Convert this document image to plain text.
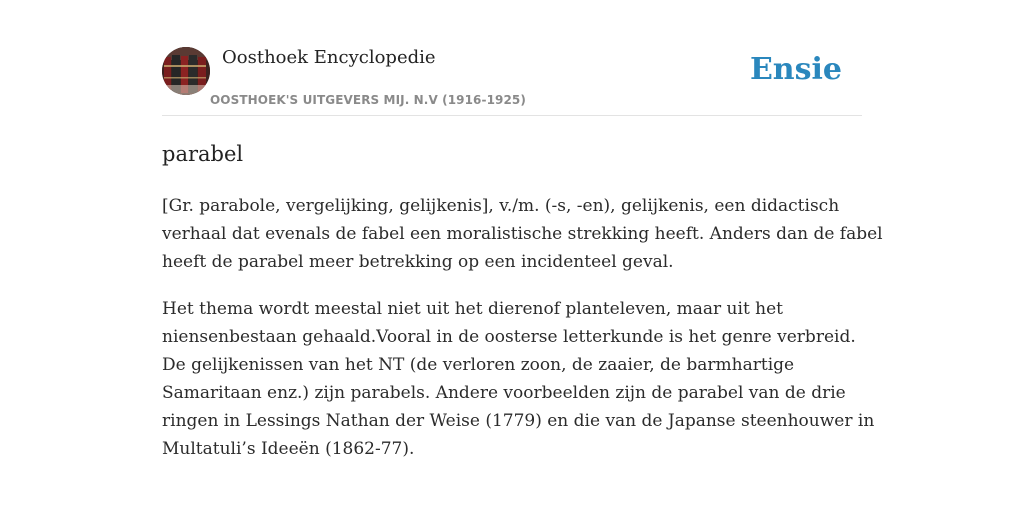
Oosthoek Encyclopedie
OOSTHOEK'S UITGEVERS MIJ. N.V (1916-1925)
Ensie
parabel

[Gr. parabole, vergelijking, gelijkenis], v./m. (-s, -en), gelijkenis, een didactisch
verhaal dat evenals de fabel een moralistische strekking heeft. Anders dan de fabel
heeft de parabel meer betrekking op een incidenteel geval.

Het thema wordt meestal niet uit het dierenof planteleven, maar uit het
niensenbestaan gehaald.Vooral in de oosterse letterkunde is het genre verbreid.
De gelijkenissen van het NT (de verloren zoon, de zaaier, de barmhartige
Samaritaan enz.) zijn parabels. Andere voorbeelden zijn de parabel van de drie
ringen in Lessings Nathan der Weise (1779) en die van de Japanse steenhouwer in
Multatuli’s Ideeën (1862-77).
